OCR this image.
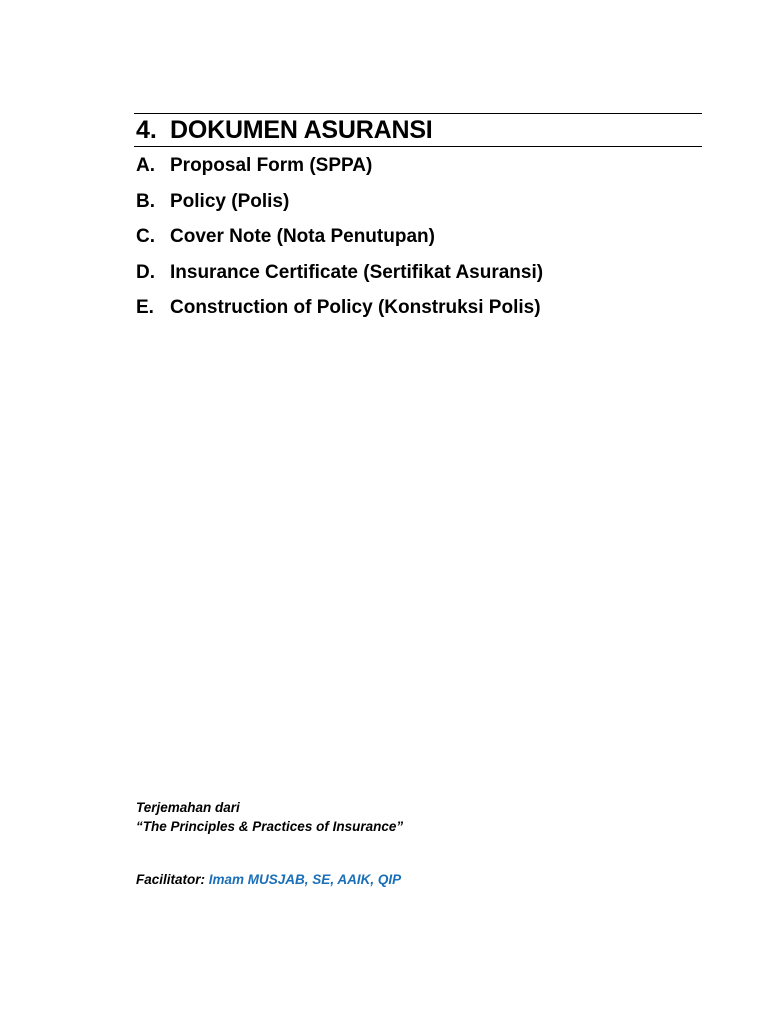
4. DOKUMEN ASURANSI
A. Proposal Form (SPPA)
B. Policy (Polis)
C. Cover Note (Nota Penutupan)
D. Insurance Certificate (Sertifikat Asuransi)
E. Construction of Policy (Konstruksi Polis)
Terjemahan dari
“The Principles & Practices of Insurance”
Facilitator: Imam MUSJAB, SE, AAIK, QIP
